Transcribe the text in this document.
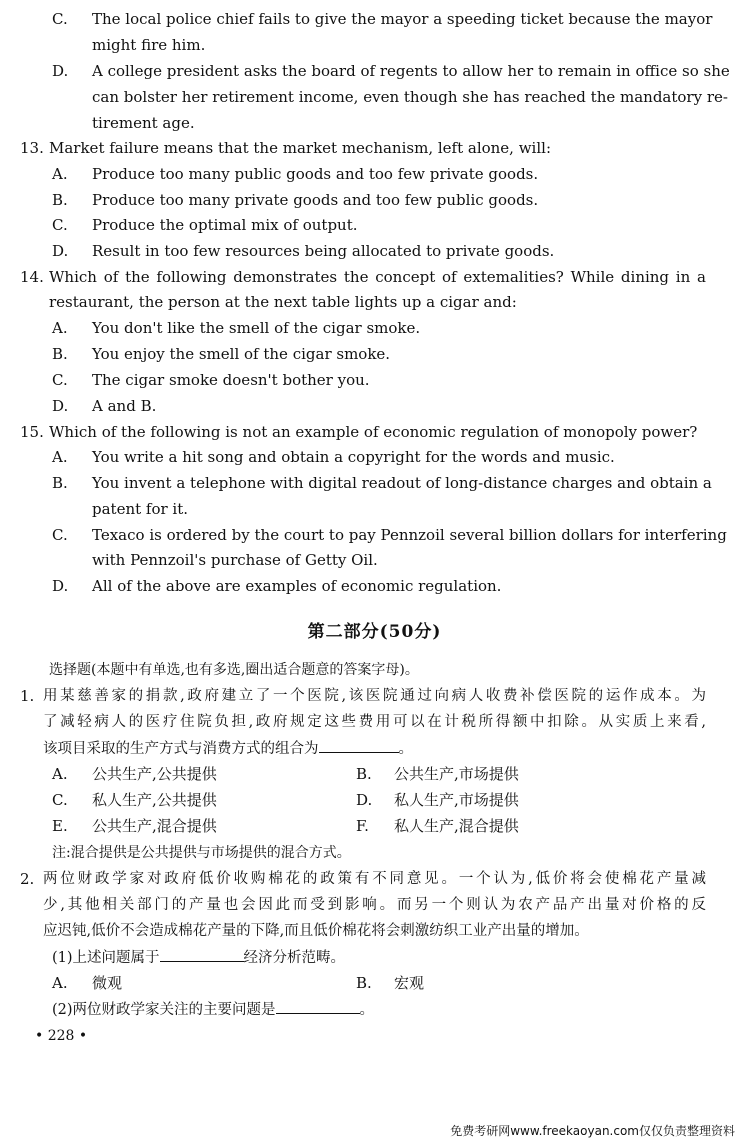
C. The local police chief fails to give the mayor a speeding ticket because the mayor
might fire him.
D. A college president asks the board of regents to allow her to remain in office so she
can bolster her retirement income, even though she has reached the mandatory re-
tirement age.
13. Market failure means that the market mechanism, left alone, will:
A. Produce too many public goods and too few private goods.
B. Produce too many private goods and too few public goods.
C. Produce the optimal mix of output.
D. Result in too few resources being allocated to private goods.
14. Which of the following demonstrates the concept of extemalities? While dining in a
restaurant, the person at the next table lights up a cigar and:
A. You don't like the smell of the cigar smoke.
B. You enjoy the smell of the cigar smoke.
C. The cigar smoke doesn't bother you.
D. A and B.
15. Which of the following is not an example of economic regulation of monopoly power?
A. You write a hit song and obtain a copyright for the words and music.
B. You invent a telephone with digital readout of long-distance charges and obtain a
patent for it.
C. Texaco is ordered by the court to pay Pennzoil several billion dollars for interfering
with Pennzoil's purchase of Getty Oil.
D. All of the above are examples of economic regulation.
第二部分(50分)
选择题(本题中有单选,也有多选,圈出适合题意的答案字母)。
1. 用某慈善家的捐款,政府建立了一个医院,该医院通过向病人收费补偿医院的运作成本。为
了减轻病人的医疗住院负担,政府规定这些费用可以在计税所得额中扣除。从实质上来看,
该项目采取的生产方式与消费方式的组合为	。
A. 公共生产,公共提供	B. 公共生产,市场提供
C. 私人生产,公共提供	D. 私人生产,市场提供
E. 公共生产,混合提供	F. 私人生产,混合提供
注:混合提供是公共提供与市场提供的混合方式。
2. 两位财政学家对政府低价收购棉花的政策有不同意见。一个认为,低价将会使棉花产量减
少,其他相关部门的产量也会因此而受到影响。而另一个则认为农产品产出量对价格的反
应迟钝,低价不会造成棉花产量的下降,而且低价棉花将会刺激纺织工业产出量的增加。
(1)上述问题属于	经济分析范畴。
A. 微观	B. 宏观
(2)两位财政学家关注的主要问题是	。
• 228 •
免费考研网www.freekaoyan.com仅仅负责整理资料
